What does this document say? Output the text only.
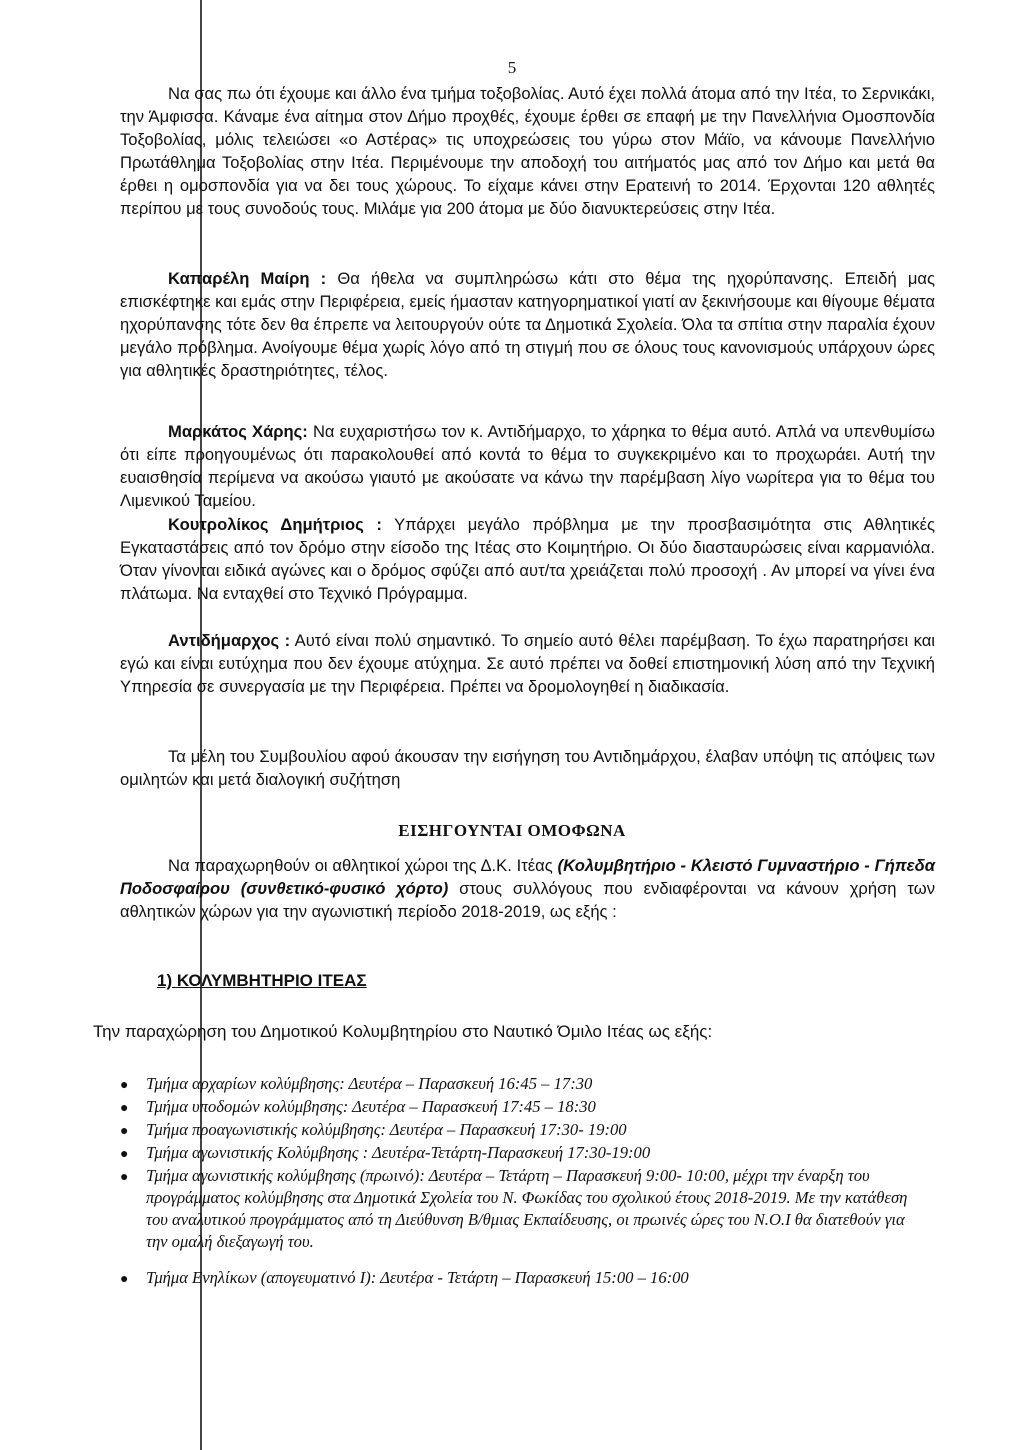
5

Να σας πω ότι έχουμε και άλλο ένα τμήμα τοξοβολίας. Αυτό έχει πολλά άτομα από την Ιτέα, το Σερνικάκι, την Άμφισσα. Κάναμε ένα αίτημα στον Δήμο προχθές, έχουμε έρθει σε επαφή με την Πανελλήνια Ομοσπονδία Τοξοβολίας, μόλις τελειώσει «ο Αστέρας» τις υποχρεώσεις του γύρω στον Μάϊο, να κάνουμε Πανελλήνιο Πρωτάθλημα Τοξοβολίας στην Ιτέα. Περιμένουμε την αποδοχή του αιτήματός μας από τον Δήμο και μετά θα έρθει η ομοσπονδία για να δει τους χώρους. Το είχαμε κάνει στην Ερατεινή το 2014. Έρχονται 120 αθλητές περίπου με τους συνοδούς τους. Μιλάμε για 200 άτομα με δύο διανυκτερεύσεις στην Ιτέα.

Καπαρέλη Μαίρη : Θα ήθελα να συμπληρώσω κάτι στο θέμα της ηχορύπανσης. Επειδή μας επισκέφτηκε και εμάς στην Περιφέρεια, εμείς ήμασταν κατηγορηματικοί γιατί αν ξεκινήσουμε και θίγουμε θέματα ηχορύπανσης τότε δεν θα έπρεπε να λειτουργούν ούτε τα Δημοτικά Σχολεία. Όλα τα σπίτια στην παραλία έχουν μεγάλο πρόβλημα. Ανοίγουμε θέμα χωρίς λόγο από τη στιγμή που σε όλους τους κανονισμούς υπάρχουν ώρες για αθλητικές δραστηριότητες, τέλος.

Μαρκάτος Χάρης: Να ευχαριστήσω τον κ. Αντιδήμαρχο, το χάρηκα το θέμα αυτό. Απλά να υπενθυμίσω ότι είπε προηγουμένως ότι παρακολουθεί από κοντά το θέμα το συγκεκριμένο και το προχωράει. Αυτή την ευαισθησία περίμενα να ακούσω γιαυτό με ακούσατε να κάνω την παρέμβαση λίγο νωρίτερα για το θέμα του Λιμενικού Ταμείου.

Κουτρολίκος Δημήτριος : Υπάρχει μεγάλο πρόβλημα με την προσβασιμότητα στις Αθλητικές Εγκαταστάσεις από τον δρόμο στην είσοδο της Ιτέας στο Κοιμητήριο. Οι δύο διασταυρώσεις είναι καρμανιόλα. Όταν γίνονται ειδικά αγώνες και ο δρόμος σφύζει από αυτ/τα χρειάζεται πολύ προσοχή . Αν μπορεί να γίνει ένα πλάτωμα. Να ενταχθεί στο Τεχνικό Πρόγραμμα.

Αντιδήμαρχος : Αυτό είναι πολύ σημαντικό. Το σημείο αυτό θέλει παρέμβαση. Το έχω παρατηρήσει και εγώ και είναι ευτύχημα που δεν έχουμε ατύχημα. Σε αυτό πρέπει να δοθεί επιστημονική λύση από την Τεχνική Υπηρεσία σε συνεργασία με την Περιφέρεια. Πρέπει να δρομολογηθεί η διαδικασία.

Τα μέλη του Συμβουλίου αφού άκουσαν την εισήγηση του Αντιδημάρχου, έλαβαν υπόψη τις απόψεις των ομιλητών και μετά διαλογική συζήτηση

ΕΙΣΗΓΟΥΝΤΑΙ ΟΜΟΦΩΝΑ

Να παραχωρηθούν οι αθλητικοί χώροι της Δ.Κ. Ιτέας (Κολυμβητήριο - Κλειστό Γυμναστήριο - Γήπεδα Ποδοσφαίρου (συνθετικό-φυσικό χόρτο) στους συλλόγους που ενδιαφέρονται να κάνουν χρήση των αθλητικών χώρων για την αγωνιστική περίοδο 2018-2019, ως εξής :

1) ΚΟΛΥΜΒΗΤΗΡΙΟ ΙΤΕΑΣ
Την παραχώρηση του Δημοτικού Κολυμβητηρίου στο Ναυτικό Όμιλο Ιτέας ως εξής:
● Τμήμα αρχαρίων κολύμβησης: Δευτέρα – Παρασκευή 16:45 – 17:30
● Τμήμα υποδομών κολύμβησης: Δευτέρα – Παρασκευή 17:45 – 18:30
● Τμήμα προαγωνιστικής κολύμβησης: Δευτέρα – Παρασκευή 17:30- 19:00
● Τμήμα αγωνιστικής Κολύμβησης : Δευτέρα-Τετάρτη-Παρασκευή 17:30-19:00
● Τμήμα αγωνιστικής κολύμβησης (πρωινό): Δευτέρα – Τετάρτη – Παρασκευή 9:00- 10:00, μέχρι την έναρξη του προγράμματος κολύμβησης στα Δημοτικά Σχολεία του Ν. Φωκίδας του σχολικού έτους 2018-2019. Με την κατάθεση του αναλυτικού προγράμματος από τη Διεύθυνση Β/θμιας Εκπαίδευσης, οι πρωινές ώρες του Ν.Ο.Ι θα διατεθούν για την ομαλή διεξαγωγή του.
● Τμήμα Ενηλίκων (απογευματινό Ι): Δευτέρα - Τετάρτη – Παρασκευή 15:00 – 16:00
